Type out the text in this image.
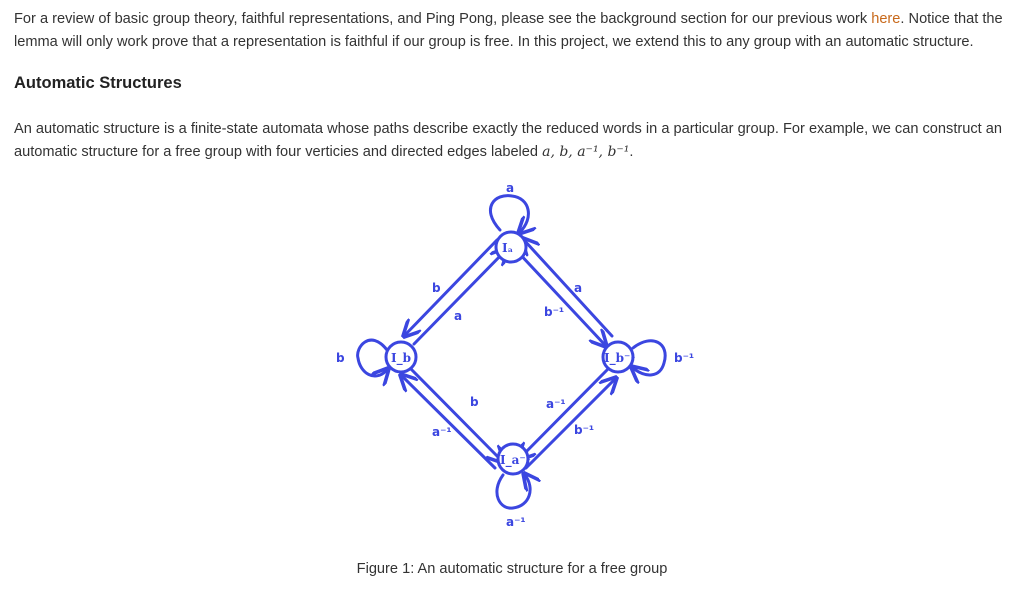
For a review of basic group theory, faithful representations, and Ping Pong, please see the background section for our previous work here. Notice that the lemma will only work prove that a representation is faithful if our group is free. In this project, we extend this to any group with an automatic structure.

Automatic Structures

An automatic structure is a finite-state automata whose paths describe exactly the reduced words in a particular group. For example, we can construct an automatic structure for a free group with four verticies and directed edges labeled a, b, a⁻¹, b⁻¹.

Iₐ
I_b	I_b⁻¹
I_a⁻¹
a
b	b⁻¹
a⁻¹
b
a
a
b⁻¹
a⁻¹
b
b⁻¹
a⁻¹

Figure 1: An automatic structure for a free group
